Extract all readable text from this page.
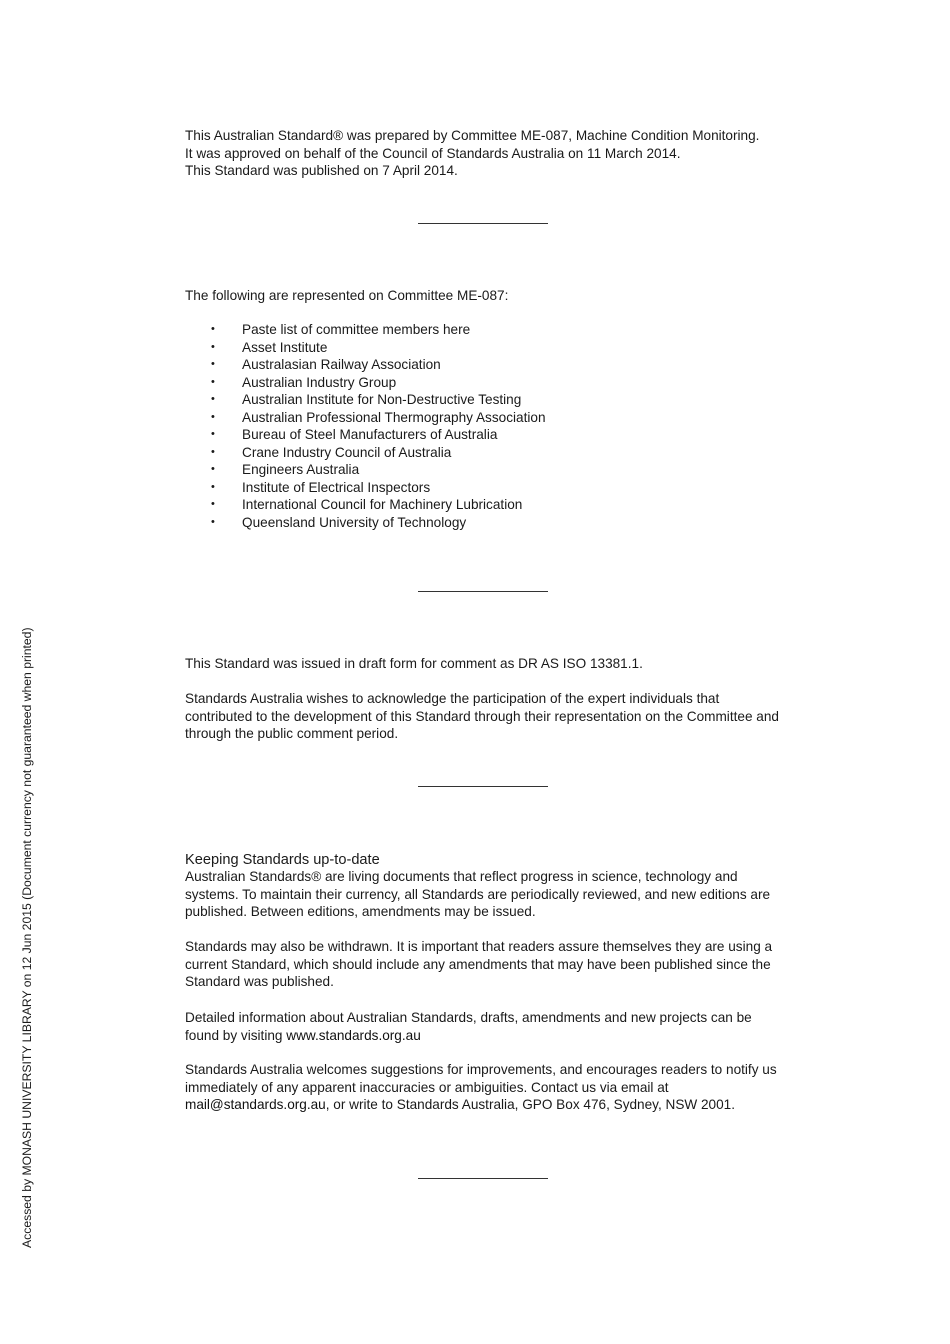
This Australian Standard® was prepared by Committee ME-087, Machine Condition Monitoring.

It was approved on behalf of the Council of Standards Australia on 11 March 2014.

This Standard was published on 7 April 2014.

The following are represented on Committee ME-087:
• Paste list of committee members here
• Asset Institute
• Australasian Railway Association
• Australian Industry Group
• Australian Institute for Non-Destructive Testing
• Australian Professional Thermography Association
• Bureau of Steel Manufacturers of Australia
• Crane Industry Council of Australia
• Engineers Australia
• Institute of Electrical Inspectors
• International Council for Machinery Lubrication
• Queensland University of Technology
This Standard was issued in draft form for comment as DR AS ISO 13381.1.
Standards Australia wishes to acknowledge the participation of the expert individuals that contributed to the development of this Standard through their representation on the Committee and through the public comment period.
Keeping Standards up-to-date
Australian Standards® are living documents that reflect progress in science, technology and systems. To maintain their currency, all Standards are periodically reviewed, and new editions are published. Between editions, amendments may be issued.
Standards may also be withdrawn. It is important that readers assure themselves they are using a current Standard, which should include any amendments that may have been published since the Standard was published.
Detailed information about Australian Standards, drafts, amendments and new projects can be found by visiting www.standards.org.au
Standards Australia welcomes suggestions for improvements, and encourages readers to notify us immediately of any apparent inaccuracies or ambiguities. Contact us via email at mail@standards.org.au, or write to Standards Australia, GPO Box 476, Sydney, NSW 2001.
Accessed by MONASH UNIVERSITY LIBRARY on 12 Jun 2015 (Document currency not guaranteed when printed)
